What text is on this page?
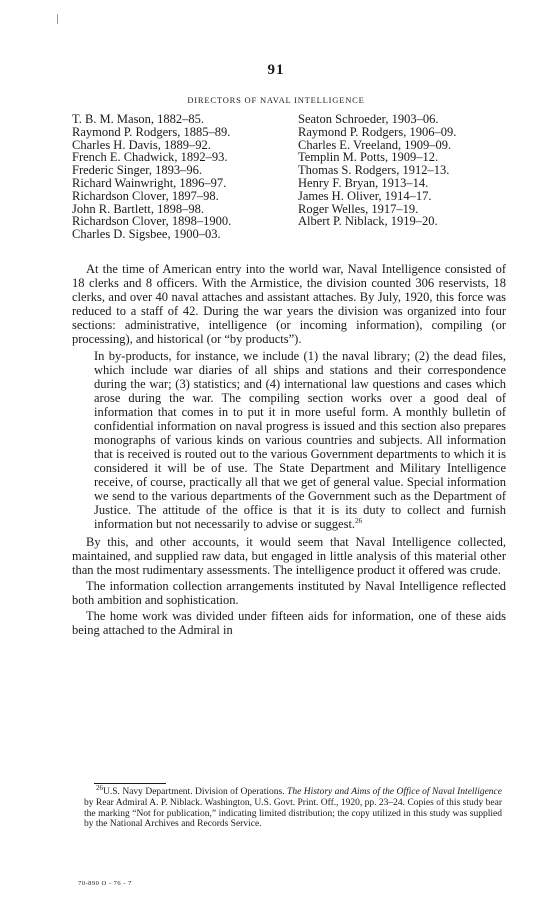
91
DIRECTORS OF NAVAL INTELLIGENCE
T. B. M. Mason, 1882–85.
Raymond P. Rodgers, 1885–89.
Charles H. Davis, 1889–92.
French E. Chadwick, 1892–93.
Frederic Singer, 1893–96.
Richard Wainwright, 1896–97.
Richardson Clover, 1897–98.
John R. Bartlett, 1898–98.
Richardson Clover, 1898–1900.
Charles D. Sigsbee, 1900–03.
Seaton Schroeder, 1903–06.
Raymond P. Rodgers, 1906–09.
Charles E. Vreeland, 1909–09.
Templin M. Potts, 1909–12.
Thomas S. Rodgers, 1912–13.
Henry F. Bryan, 1913–14.
James H. Oliver, 1914–17.
Roger Welles, 1917–19.
Albert P. Niblack, 1919–20.

At the time of American entry into the world war, Naval Intelligence consisted of 18 clerks and 8 officers. With the Armistice, the division counted 306 reservists, 18 clerks, and over 40 naval attaches and assistant attaches. By July, 1920, this force was reduced to a staff of 42. During the war years the division was organized into four sections: administrative, intelligence (or incoming information), compiling (or processing), and historical (or “by products”).

In by-products, for instance, we include (1) the naval library; (2) the dead files, which include war diaries of all ships and stations and their correspondence during the war; (3) statistics; and (4) international law questions and cases which arose during the war. The compiling section works over a good deal of information that comes in to put it in more useful form. A monthly bulletin of confidential information on naval progress is issued and this section also prepares monographs of various kinds on various countries and subjects. All information that is received is routed out to the various Government departments to which it is considered it will be of use. The State Department and Military Intelligence receive, of course, practically all that we get of general value. Special information we send to the various departments of the Government such as the Department of Justice. The attitude of the office is that it is its duty to collect and furnish information but not necessarily to advise or suggest.$^{26}$

By this, and other accounts, it would seem that Naval Intelligence collected, maintained, and supplied raw data, but engaged in little analysis of this material other than the most rudimentary assessments. The intelligence product it offered was crude.

The information collection arrangements instituted by Naval Intelligence reflected both ambition and sophistication.

The home work was divided under fifteen aids for information, one of these aids being attached to the Admiral in

$^{26}$U.S. Navy Department. Division of Operations. The History and Aims of the Office of Naval Intelligence by Rear Admiral A. P. Niblack. Washington, U.S. Govt. Print. Off., 1920, pp. 23–24. Copies of this study bear the marking “Not for publication,” indicating limited distribution; the copy utilized in this study was supplied by the National Archives and Records Service.

70-890 O - 76 - 7
